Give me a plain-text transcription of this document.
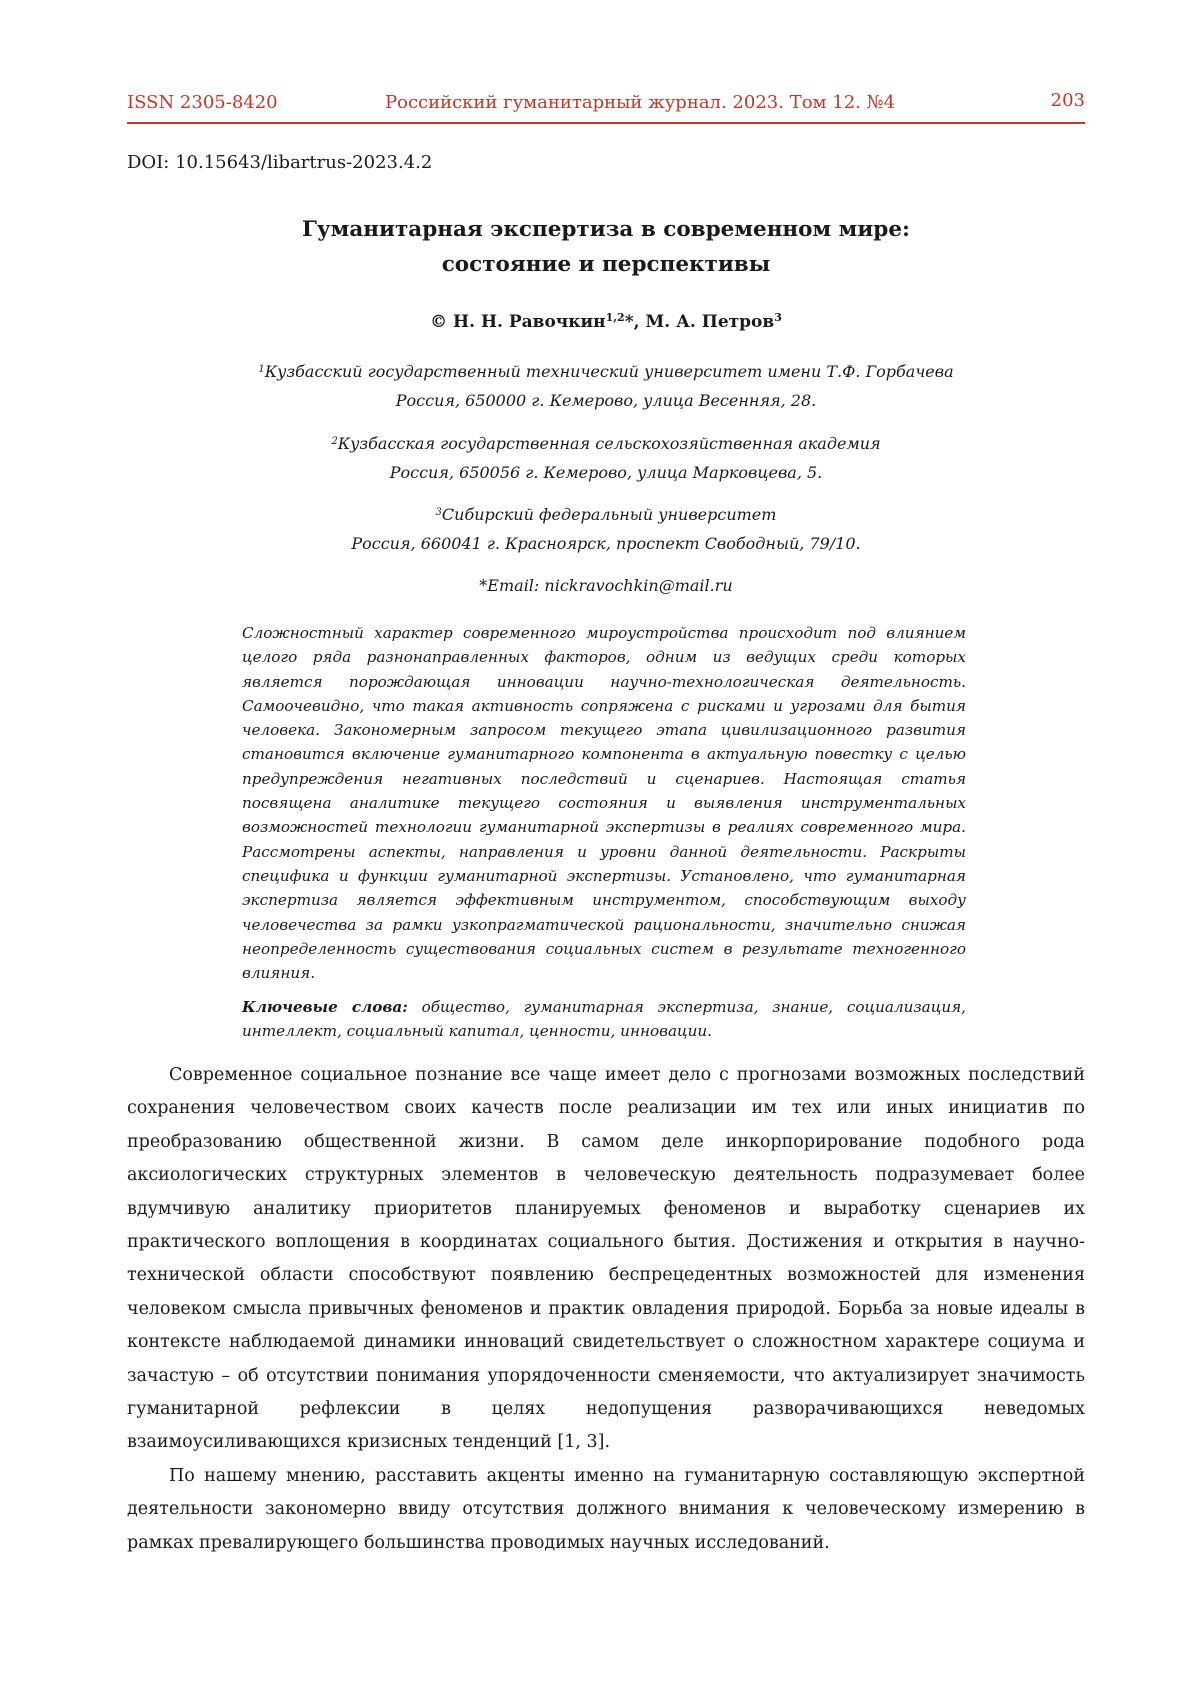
ISSN 2305-8420	Российский гуманитарный журнал. 2023. Том 12. №4	203
DOI: 10.15643/libartrus-2023.4.2
Гуманитарная экспертиза в современном мире:
состояние и перспективы
© Н. Н. Равочкин$^{1,2}$*, М. А. Петров$^3$
$^1$Кузбасский государственный технический университет имени Т.Ф. Горбачева
Россия, 650000 г. Кемерово, улица Весенняя, 28.
$^2$Кузбасская государственная сельскохозяйственная академия
Россия, 650056 г. Кемерово, улица Марковцева, 5.
$^3$Сибирский федеральный университет
Россия, 660041 г. Красноярск, проспект Свободный, 79/10.
*Email: nickravochkin@mail.ru
Сложностный характер современного мироустройства происходит под влиянием целого ряда разнонаправленных факторов, одним из ведущих среди которых является порождающая инновации научно-технологическая деятельность. Самоочевидно, что такая активность сопряжена с рисками и угрозами для бытия человека. Закономерным запросом текущего этапа цивилизационного развития становится включение гуманитарного компонента в актуальную повестку с целью предупреждения негативных последствий и сценариев. Настоящая статья посвящена аналитике текущего состояния и выявления инструментальных возможностей технологии гуманитарной экспертизы в реалиях современного мира. Рассмотрены аспекты, направления и уровни данной деятельности. Раскрыты специфика и функции гуманитарной экспертизы. Установлено, что гуманитарная экспертиза является эффективным инструментом, способствующим выходу человечества за рамки узкопрагматической рациональности, значительно снижая неопределенность существования социальных систем в результате техногенного влияния.
Ключевые слова: общество, гуманитарная экспертиза, знание, социализация, интеллект, социальный капитал, ценности, инновации.

Современное социальное познание все чаще имеет дело с прогнозами возможных последствий сохранения человечеством своих качеств после реализации им тех или иных инициатив по преобразованию общественной жизни. В самом деле инкорпорирование подобного рода аксиологических структурных элементов в человеческую деятельность подразумевает более вдумчивую аналитику приоритетов планируемых феноменов и выработку сценариев их практического воплощения в координатах социального бытия. Достижения и открытия в научно-технической области способствуют появлению беспрецедентных возможностей для изменения человеком смысла привычных феноменов и практик овладения природой. Борьба за новые идеалы в контексте наблюдаемой динамики инноваций свидетельствует о сложностном характере социума и зачастую – об отсутствии понимания упорядоченности сменяемости, что актуализирует значимость гуманитарной рефлексии в целях недопущения разворачивающихся неведомых взаимоусиливающихся кризисных тенденций [1, 3].

По нашему мнению, расставить акценты именно на гуманитарную составляющую экспертной деятельности закономерно ввиду отсутствия должного внимания к человеческому измерению в рамках превалирующего большинства проводимых научных исследований.
